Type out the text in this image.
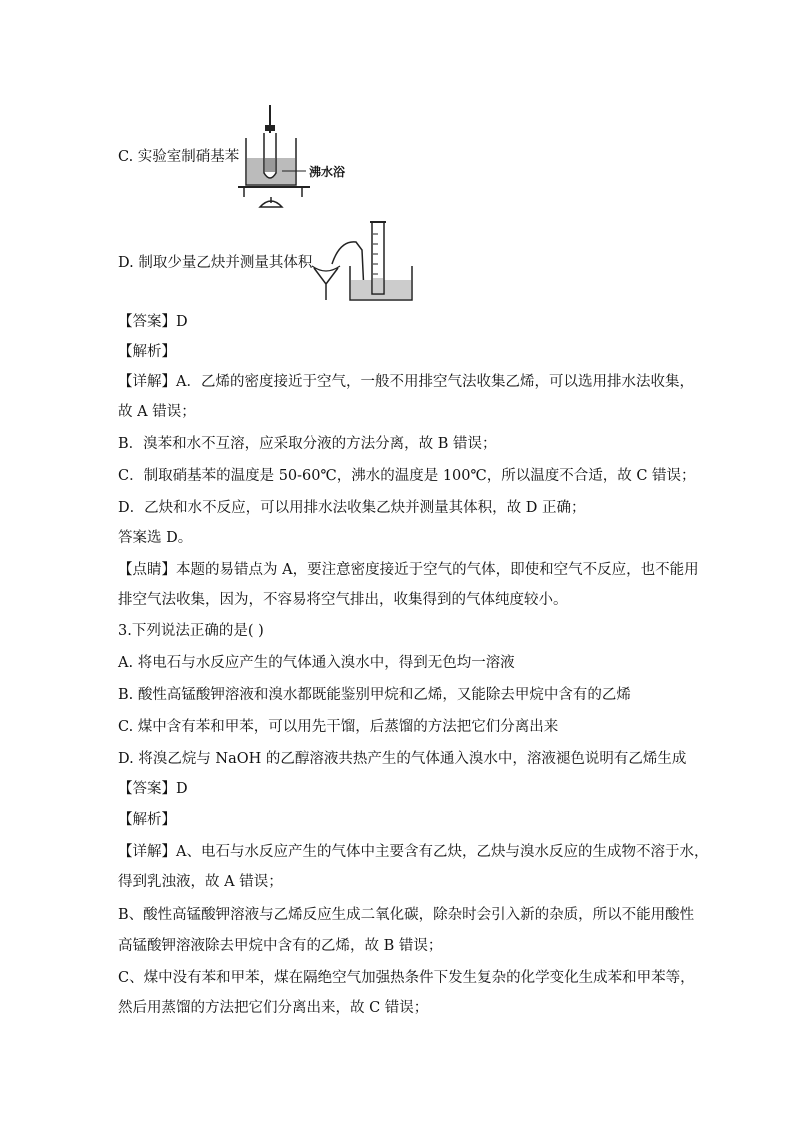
C. 实验室制硝基苯
沸水浴
D. 制取少量乙炔并测量其体积
【答案】D
【解析】
【详解】A．乙烯的密度接近于空气，一般不用排空气法收集乙烯，可以选用排水法收集，
故 A 错误；
B．溴苯和水不互溶，应采取分液的方法分离，故 B 错误；
C．制取硝基苯的温度是 50-60℃，沸水的温度是 100℃，所以温度不合适，故 C 错误；
D．乙炔和水不反应，可以用排水法收集乙炔并测量其体积，故 D 正确；
答案选 D。
【点睛】本题的易错点为 A，要注意密度接近于空气的气体，即使和空气不反应，也不能用
排空气法收集，因为，不容易将空气排出，收集得到的气体纯度较小。
3.下列说法正确的是( )
A. 将电石与水反应产生的气体通入溴水中，得到无色均一溶液
B. 酸性高锰酸钾溶液和溴水都既能鉴别甲烷和乙烯，又能除去甲烷中含有的乙烯
C. 煤中含有苯和甲苯，可以用先干馏，后蒸馏的方法把它们分离出来
D. 将溴乙烷与 NaOH 的乙醇溶液共热产生的气体通入溴水中，溶液褪色说明有乙烯生成
【答案】D
【解析】
【详解】A、电石与水反应产生的气体中主要含有乙炔，乙炔与溴水反应的生成物不溶于水，
得到乳浊液，故 A 错误；
B、酸性高锰酸钾溶液与乙烯反应生成二氧化碳，除杂时会引入新的杂质，所以不能用酸性
高锰酸钾溶液除去甲烷中含有的乙烯，故 B 错误；
C、煤中没有苯和甲苯，煤在隔绝空气加强热条件下发生复杂的化学变化生成苯和甲苯等，
然后用蒸馏的方法把它们分离出来，故 C 错误；
